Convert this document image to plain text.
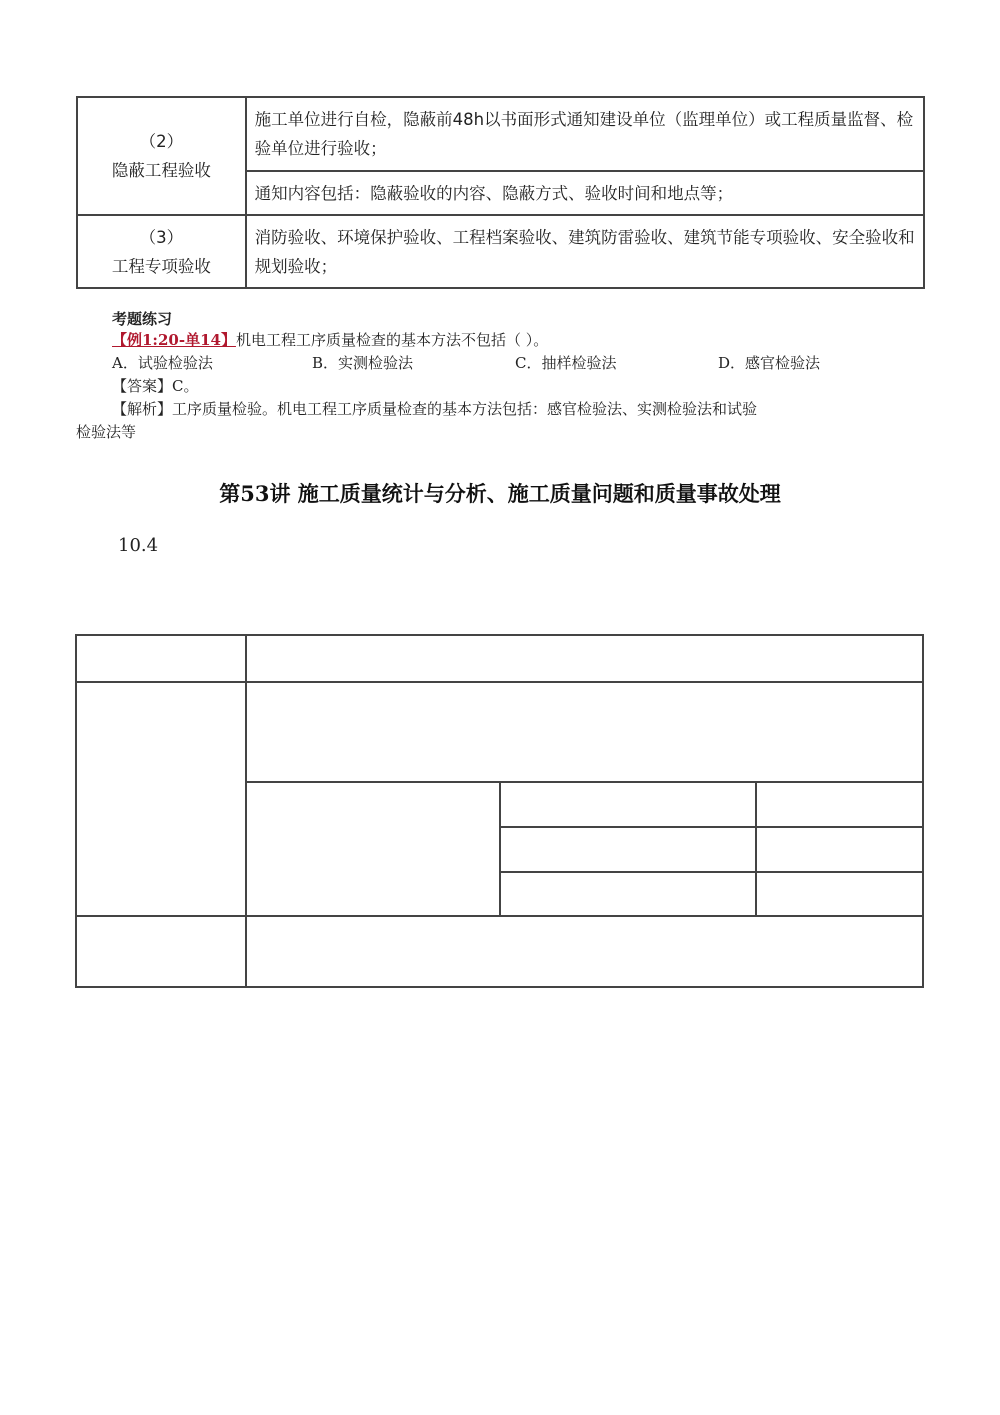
（2）
隐蔽工程验收	施工单位进行自检，隐蔽前48h以书面形式通知建设单位（监理单位）或工程质量监督、检验单位进行验收；

	通知内容包括：隐蔽验收的内容、隐蔽方式、验收时间和地点等；

（3）
工程专项验收	消防验收、环境保护验收、工程档案验收、建筑防雷验收、建筑节能专项验收、安全验收和规划验收；
考题练习
【例1:20-单14】机电工程工序质量检查的基本方法不包括（ ）。
A．试验检验法	B．实测检验法	C．抽样检验法	D．感官检验法
【答案】C。
【解析】工序质量检验。机电工程工序质量检查的基本方法包括：感官检验法、实测检验法和试验
检验法等
第53讲 施工质量统计与分析、施工质量问题和质量事故处理
10.4
